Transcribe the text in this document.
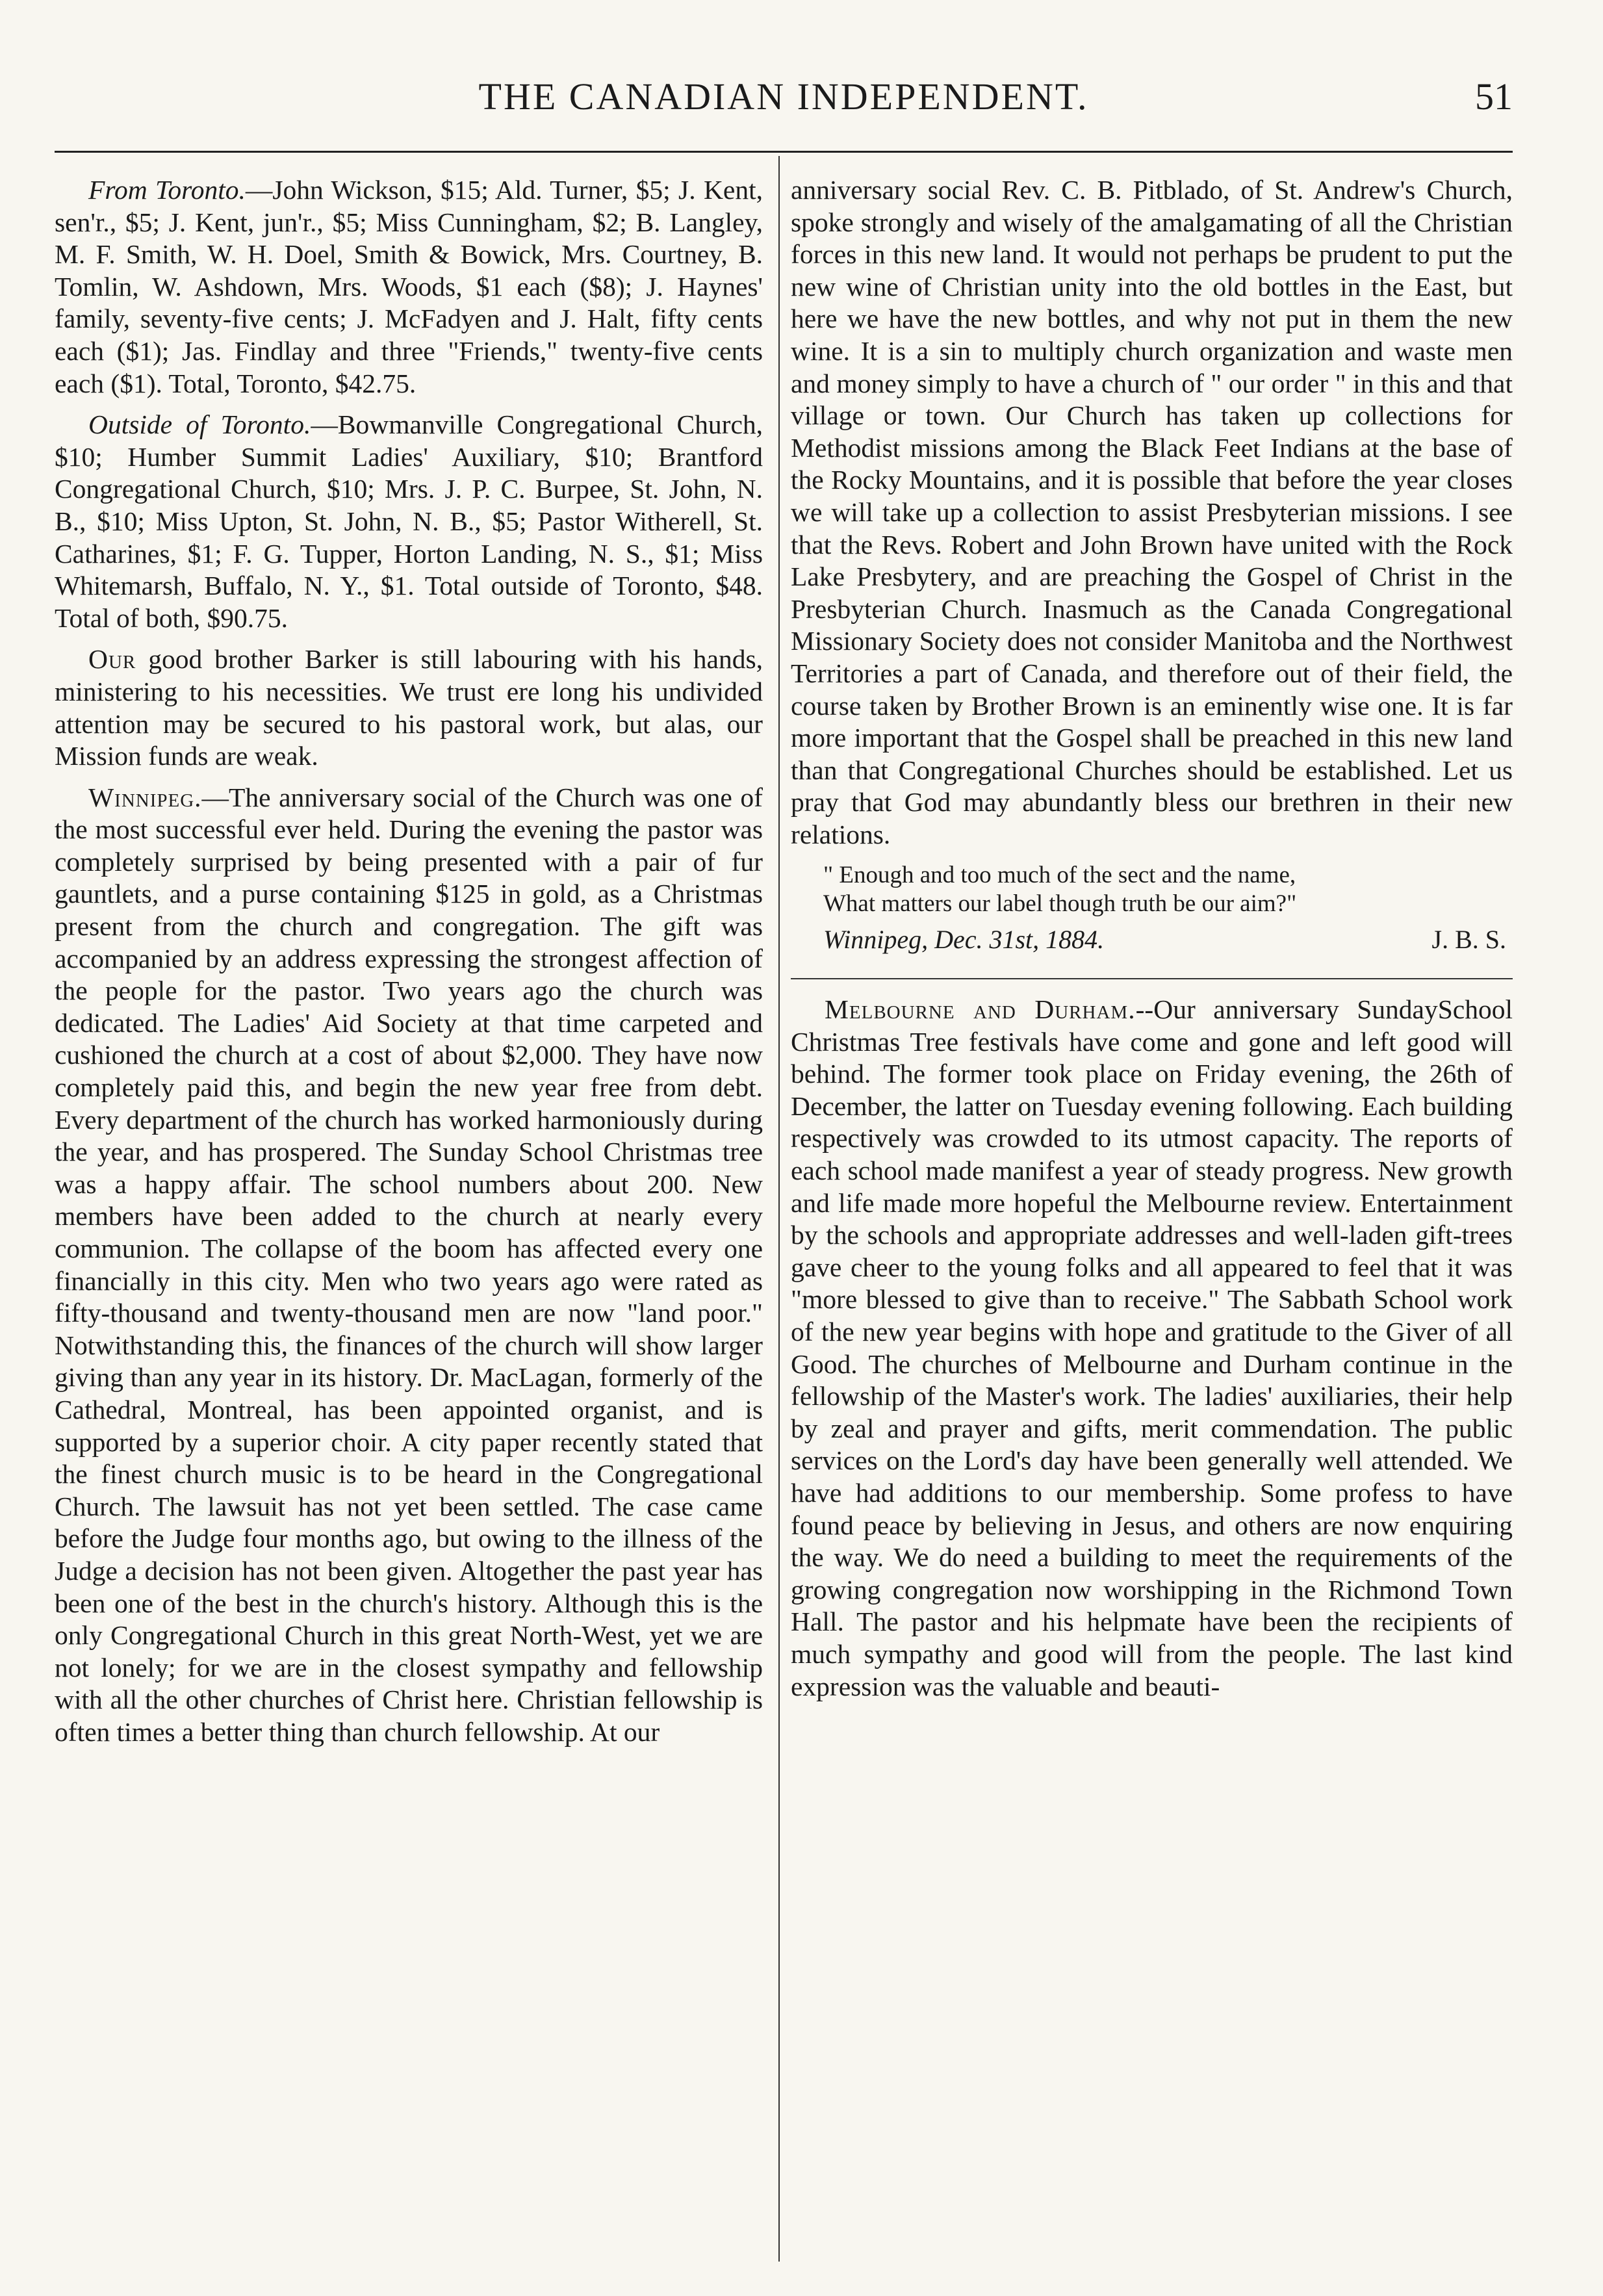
THE CANADIAN INDEPENDENT.	51

From Toronto.—John Wickson, $15; Ald. Turner, $5; J. Kent, sen'r., $5; J. Kent, jun'r., $5; Miss Cunningham, $2; B. Langley, M. F. Smith, W. H. Doel, Smith & Bowick, Mrs. Courtney, B. Tomlin, W. Ashdown, Mrs. Woods, $1 each ($8); J. Haynes' family, seventy-five cents; J. McFadyen and J. Halt, fifty cents each ($1); Jas. Findlay and three "Friends," twenty-five cents each ($1). Total, Toronto, $42.75.

Outside of Toronto.—Bowmanville Congregational Church, $10; Humber Summit Ladies' Auxiliary, $10; Brantford Congregational Church, $10; Mrs. J. P. C. Burpee, St. John, N. B., $10; Miss Upton, St. John, N. B., $5; Pastor Witherell, St. Catharines, $1; F. G. Tupper, Horton Landing, N. S., $1; Miss Whitemarsh, Buffalo, N. Y., $1. Total outside of Toronto, $48. Total of both, $90.75.

Our good brother Barker is still labouring with his hands, ministering to his necessities. We trust ere long his undivided attention may be secured to his pastoral work, but alas, our Mission funds are weak.

Winnipeg.—The anniversary social of the Church was one of the most successful ever held. During the evening the pastor was completely surprised by being presented with a pair of fur gauntlets, and a purse containing $125 in gold, as a Christmas present from the church and congregation. The gift was accompanied by an address expressing the strongest affection of the people for the pastor. Two years ago the church was dedicated. The Ladies' Aid Society at that time carpeted and cushioned the church at a cost of about $2,000. They have now completely paid this, and begin the new year free from debt. Every department of the church has worked harmoniously during the year, and has prospered. The Sunday School Christmas tree was a happy affair. The school numbers about 200. New members have been added to the church at nearly every communion. The collapse of the boom has affected every one financially in this city. Men who two years ago were rated as fifty-thousand and twenty-thousand men are now "land poor." Notwithstanding this, the finances of the church will show larger giving than any year in its history. Dr. MacLagan, formerly of the Cathedral, Montreal, has been appointed organist, and is supported by a superior choir. A city paper recently stated that the finest church music is to be heard in the Congregational Church. The lawsuit has not yet been settled. The case came before the Judge four months ago, but owing to the illness of the Judge a decision has not been given. Altogether the past year has been one of the best in the church's history. Although this is the only Congregational Church in this great North-West, yet we are not lonely; for we are in the closest sympathy and fellowship with all the other churches of Christ here. Christian fellowship is often times a better thing than church fellowship. At our

anniversary social Rev. C. B. Pitblado, of St. Andrew's Church, spoke strongly and wisely of the amalgamating of all the Christian forces in this new land. It would not perhaps be prudent to put the new wine of Christian unity into the old bottles in the East, but here we have the new bottles, and why not put in them the new wine. It is a sin to multiply church organization and waste men and money simply to have a church of " our order " in this and that village or town. Our Church has taken up collections for Methodist missions among the Black Feet Indians at the base of the Rocky Mountains, and it is possible that before the year closes we will take up a collection to assist Presbyterian missions. I see that the Revs. Robert and John Brown have united with the Rock Lake Presbytery, and are preaching the Gospel of Christ in the Presbyterian Church. Inasmuch as the Canada Congregational Missionary Society does not consider Manitoba and the Northwest Territories a part of Canada, and therefore out of their field, the course taken by Brother Brown is an eminently wise one. It is far more important that the Gospel shall be preached in this new land than that Congregational Churches should be established. Let us pray that God may abundantly bless our brethren in their new relations.

" Enough and too much of the sect and the name,
What matters our label though truth be our aim?"
Winnipeg, Dec. 31st, 1884.	J. B. S.

Melbourne and Durham.--Our anniversary SundaySchool Christmas Tree festivals have come and gone and left good will behind. The former took place on Friday evening, the 26th of December, the latter on Tuesday evening following. Each building respectively was crowded to its utmost capacity. The reports of each school made manifest a year of steady progress. New growth and life made more hopeful the Melbourne review. Entertainment by the schools and appropriate addresses and well-laden gift-trees gave cheer to the young folks and all appeared to feel that it was "more blessed to give than to receive." The Sabbath School work of the new year begins with hope and gratitude to the Giver of all Good. The churches of Melbourne and Durham continue in the fellowship of the Master's work. The ladies' auxiliaries, their help by zeal and prayer and gifts, merit commendation. The public services on the Lord's day have been generally well attended. We have had additions to our membership. Some profess to have found peace by believing in Jesus, and others are now enquiring the way. We do need a building to meet the requirements of the growing congregation now worshipping in the Richmond Town Hall. The pastor and his helpmate have been the recipients of much sympathy and good will from the people. The last kind expression was the valuable and beauti-
